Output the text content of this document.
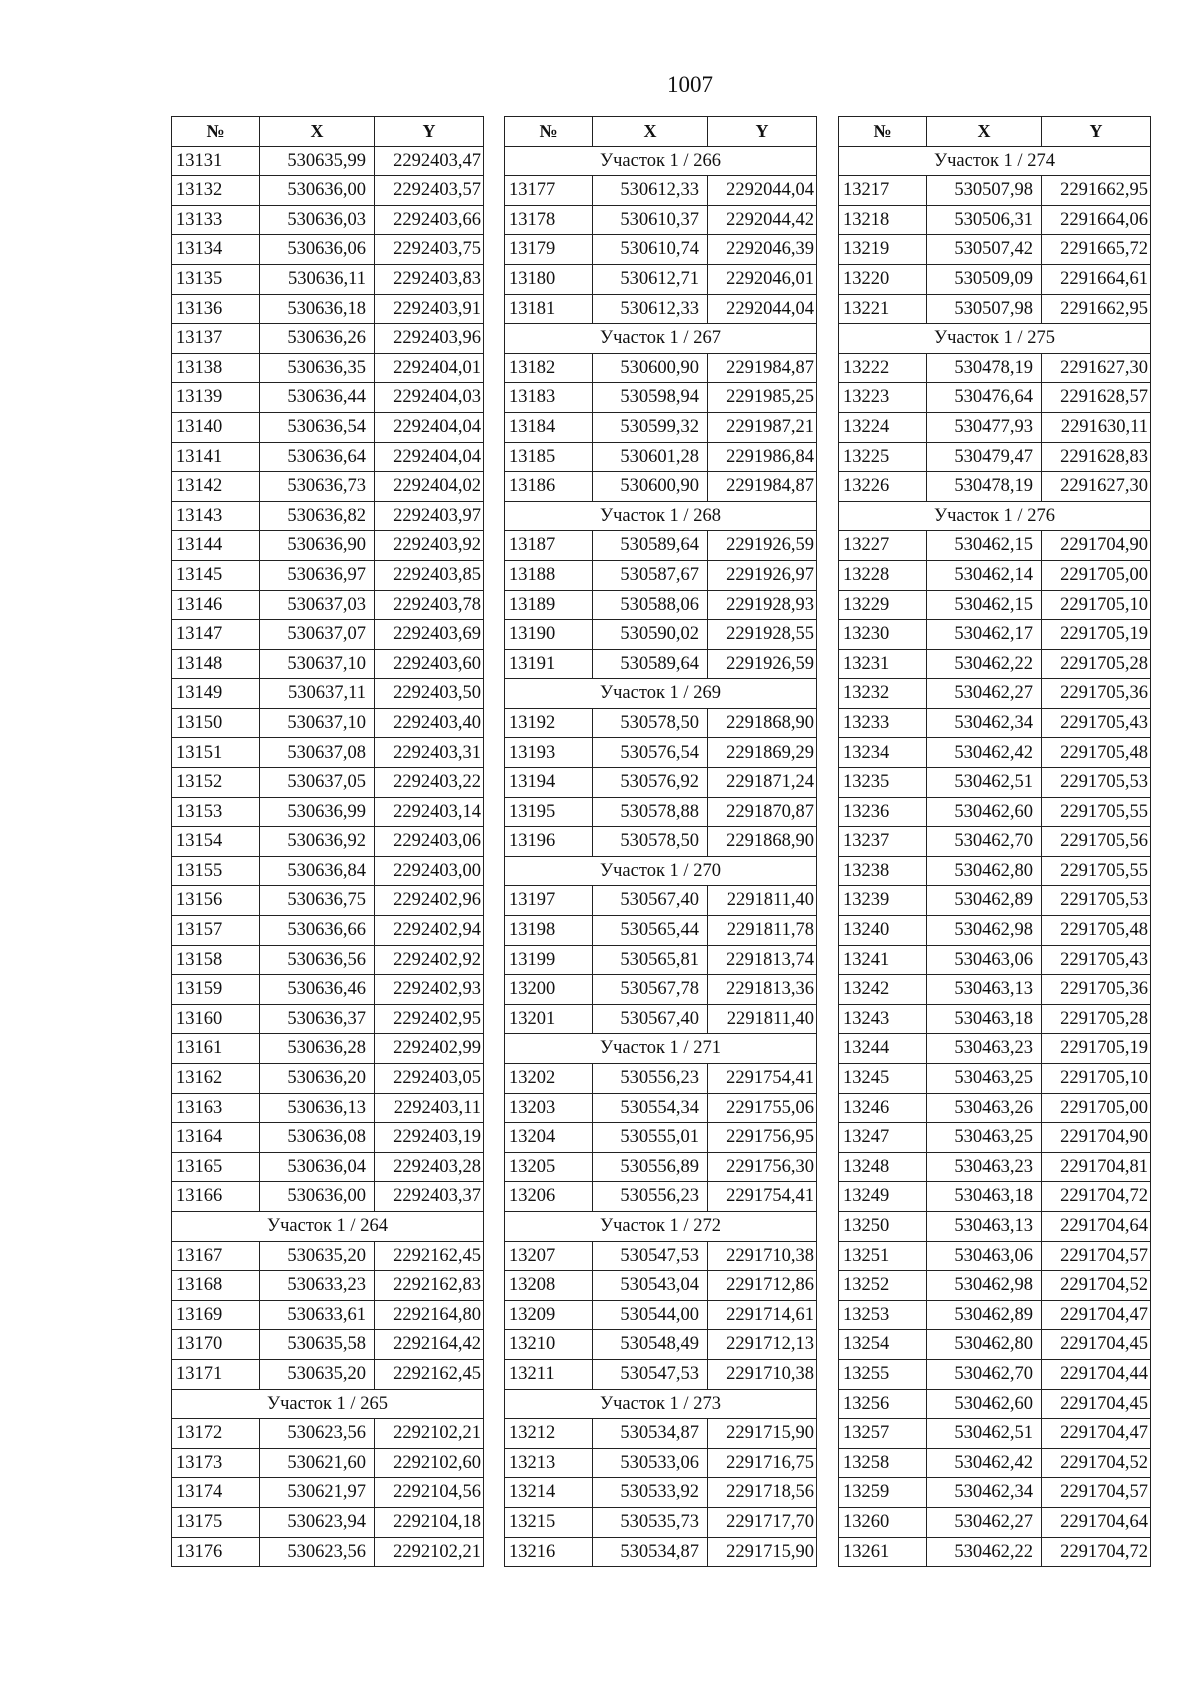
1007
№	X	Y
13131	530635,99	2292403,47
13132	530636,00	2292403,57
13133	530636,03	2292403,66
13134	530636,06	2292403,75
13135	530636,11	2292403,83
13136	530636,18	2292403,91
13137	530636,26	2292403,96
13138	530636,35	2292404,01
13139	530636,44	2292404,03
13140	530636,54	2292404,04
13141	530636,64	2292404,04
13142	530636,73	2292404,02
13143	530636,82	2292403,97
13144	530636,90	2292403,92
13145	530636,97	2292403,85
13146	530637,03	2292403,78
13147	530637,07	2292403,69
13148	530637,10	2292403,60
13149	530637,11	2292403,50
13150	530637,10	2292403,40
13151	530637,08	2292403,31
13152	530637,05	2292403,22
13153	530636,99	2292403,14
13154	530636,92	2292403,06
13155	530636,84	2292403,00
13156	530636,75	2292402,96
13157	530636,66	2292402,94
13158	530636,56	2292402,92
13159	530636,46	2292402,93
13160	530636,37	2292402,95
13161	530636,28	2292402,99
13162	530636,20	2292403,05
13163	530636,13	2292403,11
13164	530636,08	2292403,19
13165	530636,04	2292403,28
13166	530636,00	2292403,37
Участок 1 / 264		
13167	530635,20	2292162,45
13168	530633,23	2292162,83
13169	530633,61	2292164,80
13170	530635,58	2292164,42
13171	530635,20	2292162,45
Участок 1 / 265		
13172	530623,56	2292102,21
13173	530621,60	2292102,60
13174	530621,97	2292104,56
13175	530623,94	2292104,18
13176	530623,56	2292102,21
№	X	Y
Участок 1 / 266		
13177	530612,33	2292044,04
13178	530610,37	2292044,42
13179	530610,74	2292046,39
13180	530612,71	2292046,01
13181	530612,33	2292044,04
Участок 1 / 267		
13182	530600,90	2291984,87
13183	530598,94	2291985,25
13184	530599,32	2291987,21
13185	530601,28	2291986,84
13186	530600,90	2291984,87
Участок 1 / 268		
13187	530589,64	2291926,59
13188	530587,67	2291926,97
13189	530588,06	2291928,93
13190	530590,02	2291928,55
13191	530589,64	2291926,59
Участок 1 / 269		
13192	530578,50	2291868,90
13193	530576,54	2291869,29
13194	530576,92	2291871,24
13195	530578,88	2291870,87
13196	530578,50	2291868,90
Участок 1 / 270		
13197	530567,40	2291811,40
13198	530565,44	2291811,78
13199	530565,81	2291813,74
13200	530567,78	2291813,36
13201	530567,40	2291811,40
Участок 1 / 271		
13202	530556,23	2291754,41
13203	530554,34	2291755,06
13204	530555,01	2291756,95
13205	530556,89	2291756,30
13206	530556,23	2291754,41
Участок 1 / 272		
13207	530547,53	2291710,38
13208	530543,04	2291712,86
13209	530544,00	2291714,61
13210	530548,49	2291712,13
13211	530547,53	2291710,38
Участок 1 / 273		
13212	530534,87	2291715,90
13213	530533,06	2291716,75
13214	530533,92	2291718,56
13215	530535,73	2291717,70
13216	530534,87	2291715,90
№	X	Y
Участок 1 / 274		
13217	530507,98	2291662,95
13218	530506,31	2291664,06
13219	530507,42	2291665,72
13220	530509,09	2291664,61
13221	530507,98	2291662,95
Участок 1 / 275		
13222	530478,19	2291627,30
13223	530476,64	2291628,57
13224	530477,93	2291630,11
13225	530479,47	2291628,83
13226	530478,19	2291627,30
Участок 1 / 276		
13227	530462,15	2291704,90
13228	530462,14	2291705,00
13229	530462,15	2291705,10
13230	530462,17	2291705,19
13231	530462,22	2291705,28
13232	530462,27	2291705,36
13233	530462,34	2291705,43
13234	530462,42	2291705,48
13235	530462,51	2291705,53
13236	530462,60	2291705,55
13237	530462,70	2291705,56
13238	530462,80	2291705,55
13239	530462,89	2291705,53
13240	530462,98	2291705,48
13241	530463,06	2291705,43
13242	530463,13	2291705,36
13243	530463,18	2291705,28
13244	530463,23	2291705,19
13245	530463,25	2291705,10
13246	530463,26	2291705,00
13247	530463,25	2291704,90
13248	530463,23	2291704,81
13249	530463,18	2291704,72
13250	530463,13	2291704,64
13251	530463,06	2291704,57
13252	530462,98	2291704,52
13253	530462,89	2291704,47
13254	530462,80	2291704,45
13255	530462,70	2291704,44
13256	530462,60	2291704,45
13257	530462,51	2291704,47
13258	530462,42	2291704,52
13259	530462,34	2291704,57
13260	530462,27	2291704,64
13261	530462,22	2291704,72
